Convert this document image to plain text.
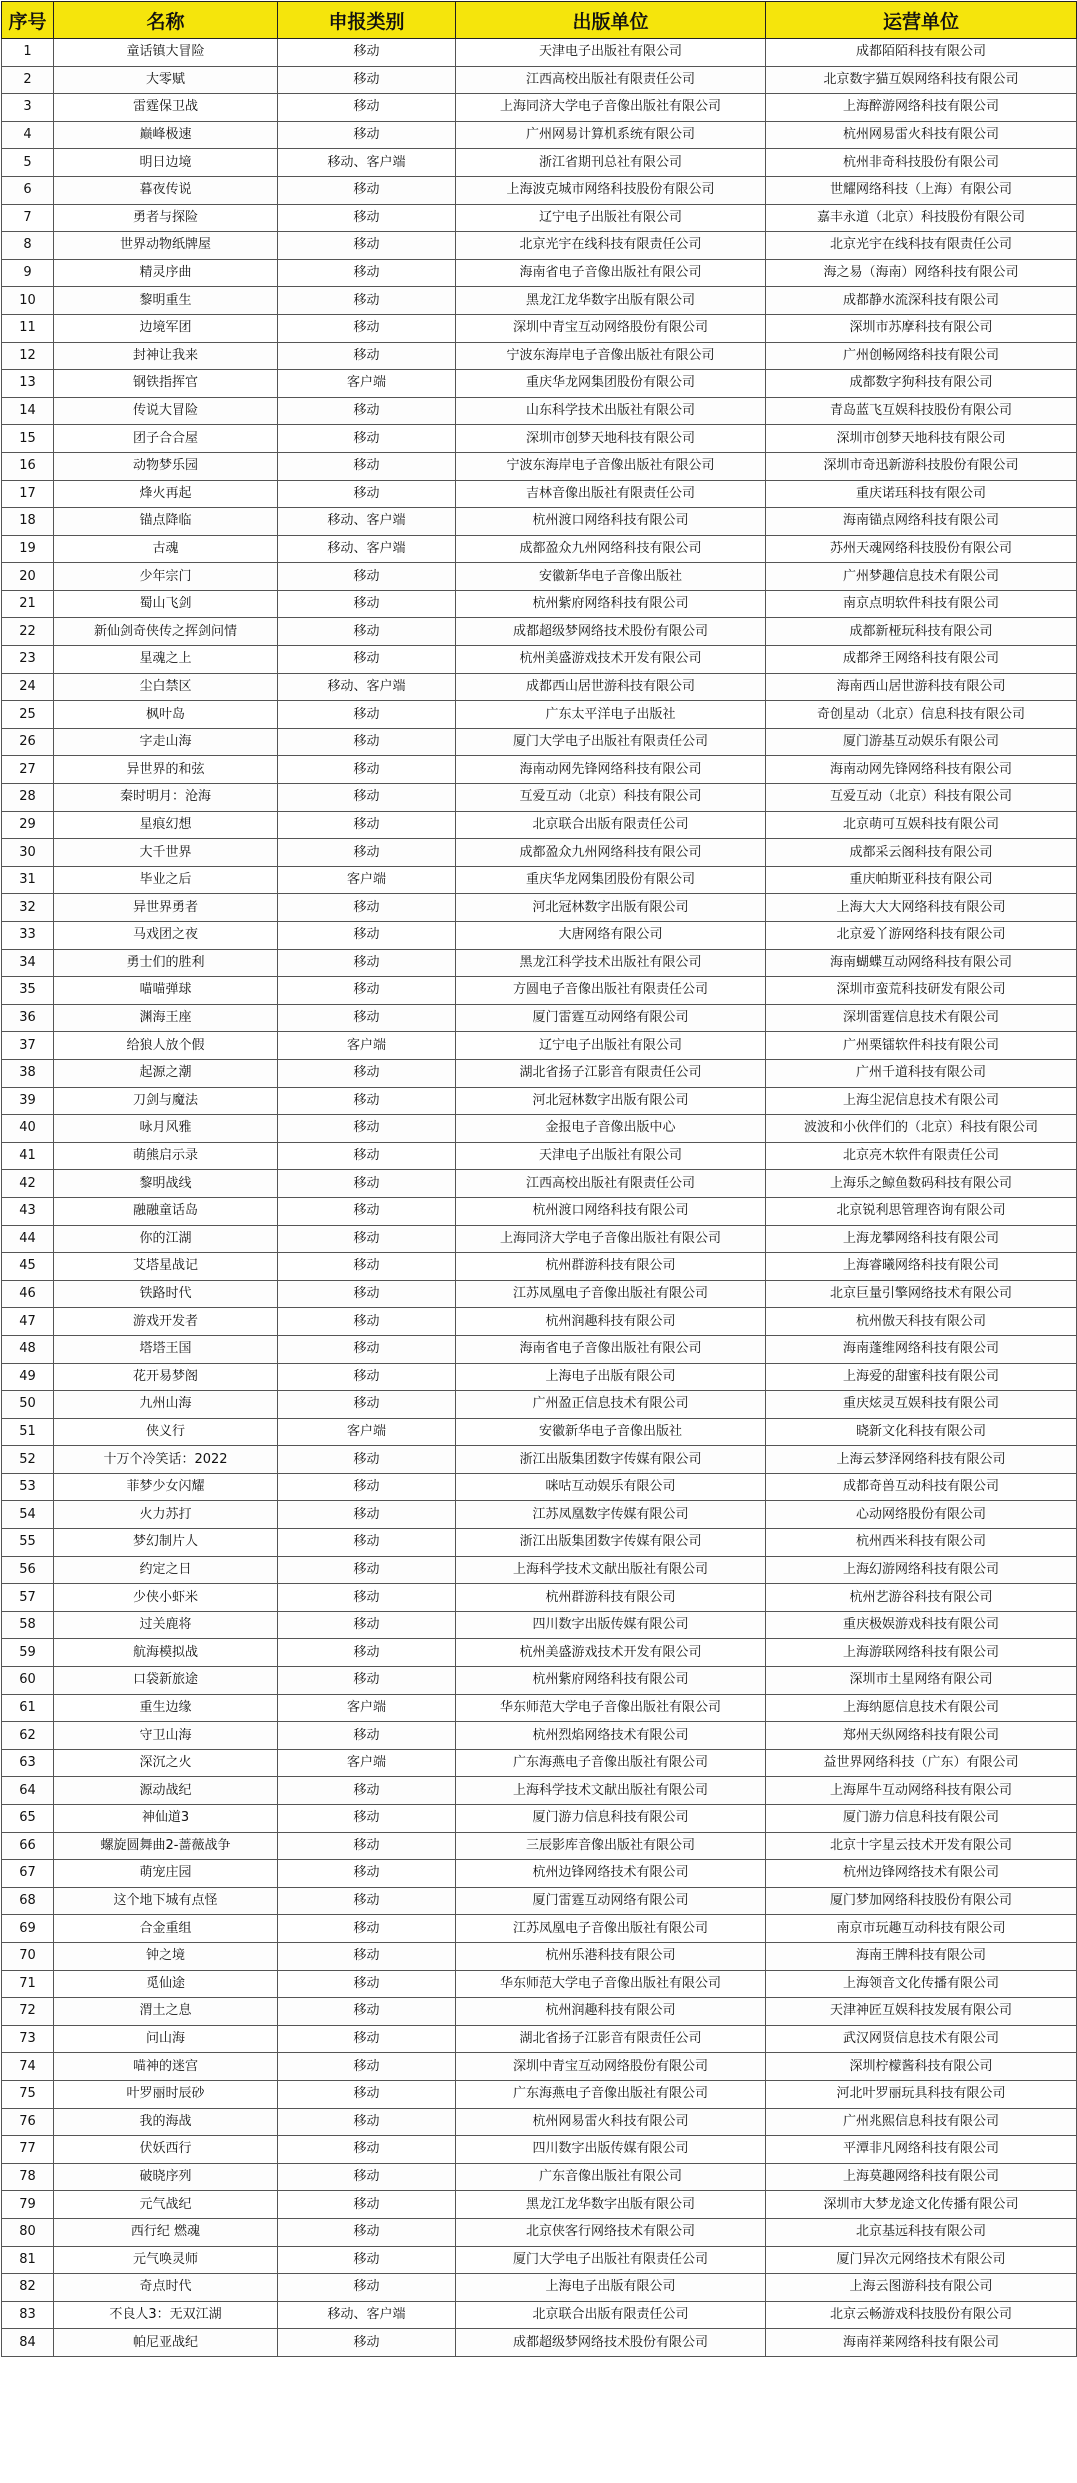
序号	名称	申报类别	出版单位	运营单位
1	童话镇大冒险	移动	天津电子出版社有限公司	成都陌陌科技有限公司
2	大零赋	移动	江西高校出版社有限责任公司	北京数字猫互娱网络科技有限公司
3	雷霆保卫战	移动	上海同济大学电子音像出版社有限公司	上海醉游网络科技有限公司
4	巅峰极速	移动	广州网易计算机系统有限公司	杭州网易雷火科技有限公司
5	明日边境	移动、客户端	浙江省期刊总社有限公司	杭州非奇科技股份有限公司
6	暮夜传说	移动	上海波克城市网络科技股份有限公司	世耀网络科技（上海）有限公司
7	勇者与探险	移动	辽宁电子出版社有限公司	嘉丰永道（北京）科技股份有限公司
8	世界动物纸牌屋	移动	北京光宇在线科技有限责任公司	北京光宇在线科技有限责任公司
9	精灵序曲	移动	海南省电子音像出版社有限公司	海之易（海南）网络科技有限公司
10	黎明重生	移动	黑龙江龙华数字出版有限公司	成都静水流深科技有限公司
11	边境军团	移动	深圳中青宝互动网络股份有限公司	深圳市苏摩科技有限公司
12	封神让我来	移动	宁波东海岸电子音像出版社有限公司	广州创畅网络科技有限公司
13	钢铁指挥官	客户端	重庆华龙网集团股份有限公司	成都数字狗科技有限公司
14	传说大冒险	移动	山东科学技术出版社有限公司	青岛蓝飞互娱科技股份有限公司
15	团子合合屋	移动	深圳市创梦天地科技有限公司	深圳市创梦天地科技有限公司
16	动物梦乐园	移动	宁波东海岸电子音像出版社有限公司	深圳市奇迅新游科技股份有限公司
17	烽火再起	移动	吉林音像出版社有限责任公司	重庆诺珏科技有限公司
18	锚点降临	移动、客户端	杭州渡口网络科技有限公司	海南锚点网络科技有限公司
19	古魂	移动、客户端	成都盈众九州网络科技有限公司	苏州天魂网络科技股份有限公司
20	少年宗门	移动	安徽新华电子音像出版社	广州梦趣信息技术有限公司
21	蜀山飞剑	移动	杭州紫府网络科技有限公司	南京点明软件科技有限公司
22	新仙剑奇侠传之挥剑问情	移动	成都超级梦网络技术股份有限公司	成都新桠玩科技有限公司
23	星魂之上	移动	杭州美盛游戏技术开发有限公司	成都斧王网络科技有限公司
24	尘白禁区	移动、客户端	成都西山居世游科技有限公司	海南西山居世游科技有限公司
25	枫叶岛	移动	广东太平洋电子出版社	奇创星动（北京）信息科技有限公司
26	字走山海	移动	厦门大学电子出版社有限责任公司	厦门游基互动娱乐有限公司
27	异世界的和弦	移动	海南动网先锋网络科技有限公司	海南动网先锋网络科技有限公司
28	秦时明月：沧海	移动	互爱互动（北京）科技有限公司	互爱互动（北京）科技有限公司
29	星痕幻想	移动	北京联合出版有限责任公司	北京萌可互娱科技有限公司
30	大千世界	移动	成都盈众九州网络科技有限公司	成都采云阁科技有限公司
31	毕业之后	客户端	重庆华龙网集团股份有限公司	重庆帕斯亚科技有限公司
32	异世界勇者	移动	河北冠林数字出版有限公司	上海大大大网络科技有限公司
33	马戏团之夜	移动	大唐网络有限公司	北京爱丫游网络科技有限公司
34	勇士们的胜利	移动	黑龙江科学技术出版社有限公司	海南蝴蝶互动网络科技有限公司
35	喵喵弹球	移动	方圆电子音像出版社有限责任公司	深圳市蛮荒科技研发有限公司
36	渊海王座	移动	厦门雷霆互动网络有限公司	深圳雷霆信息技术有限公司
37	给狼人放个假	客户端	辽宁电子出版社有限公司	广州栗镭软件科技有限公司
38	起源之潮	移动	湖北省扬子江影音有限责任公司	广州千道科技有限公司
39	刀剑与魔法	移动	河北冠林数字出版有限公司	上海尘泥信息技术有限公司
40	咏月风雅	移动	金报电子音像出版中心	波波和小伙伴们的（北京）科技有限公司
41	萌熊启示录	移动	天津电子出版社有限公司	北京亮木软件有限责任公司
42	黎明战线	移动	江西高校出版社有限责任公司	上海乐之鲸鱼数码科技有限公司
43	融融童话岛	移动	杭州渡口网络科技有限公司	北京锐利思管理咨询有限公司
44	你的江湖	移动	上海同济大学电子音像出版社有限公司	上海龙攀网络科技有限公司
45	艾塔星战记	移动	杭州群游科技有限公司	上海睿曦网络科技有限公司
46	铁路时代	移动	江苏凤凰电子音像出版社有限公司	北京巨量引擎网络技术有限公司
47	游戏开发者	移动	杭州润趣科技有限公司	杭州傲天科技有限公司
48	塔塔王国	移动	海南省电子音像出版社有限公司	海南蓬维网络科技有限公司
49	花开易梦阁	移动	上海电子出版有限公司	上海爱的甜蜜科技有限公司
50	九州山海	移动	广州盈正信息技术有限公司	重庆炫灵互娱科技有限公司
51	侠义行	客户端	安徽新华电子音像出版社	晓新文化科技有限公司
52	十万个冷笑话：2022	移动	浙江出版集团数字传媒有限公司	上海云梦泽网络科技有限公司
53	菲梦少女闪耀	移动	咪咕互动娱乐有限公司	成都奇兽互动科技有限公司
54	火力苏打	移动	江苏凤凰数字传媒有限公司	心动网络股份有限公司
55	梦幻制片人	移动	浙江出版集团数字传媒有限公司	杭州西米科技有限公司
56	约定之日	移动	上海科学技术文献出版社有限公司	上海幻游网络科技有限公司
57	少侠小虾米	移动	杭州群游科技有限公司	杭州艺游谷科技有限公司
58	过关鹿将	移动	四川数字出版传媒有限公司	重庆极娱游戏科技有限公司
59	航海模拟战	移动	杭州美盛游戏技术开发有限公司	上海游联网络科技有限公司
60	口袋新旅途	移动	杭州紫府网络科技有限公司	深圳市土星网络有限公司
61	重生边缘	客户端	华东师范大学电子音像出版社有限公司	上海纳愿信息技术有限公司
62	守卫山海	移动	杭州烈焰网络技术有限公司	郑州天纵网络科技有限公司
63	深沉之火	客户端	广东海燕电子音像出版社有限公司	益世界网络科技（广东）有限公司
64	源动战纪	移动	上海科学技术文献出版社有限公司	上海犀牛互动网络科技有限公司
65	神仙道3	移动	厦门游力信息科技有限公司	厦门游力信息科技有限公司
66	螺旋圆舞曲2-蔷薇战争	移动	三辰影库音像出版社有限公司	北京十字星云技术开发有限公司
67	萌宠庄园	移动	杭州边锋网络技术有限公司	杭州边锋网络技术有限公司
68	这个地下城有点怪	移动	厦门雷霆互动网络有限公司	厦门梦加网络科技股份有限公司
69	合金重组	移动	江苏凤凰电子音像出版社有限公司	南京市玩趣互动科技有限公司
70	钟之境	移动	杭州乐港科技有限公司	海南王牌科技有限公司
71	觅仙途	移动	华东师范大学电子音像出版社有限公司	上海领音文化传播有限公司
72	渭土之息	移动	杭州润趣科技有限公司	天津神匠互娱科技发展有限公司
73	问山海	移动	湖北省扬子江影音有限责任公司	武汉网贤信息技术有限公司
74	喵神的迷宫	移动	深圳中青宝互动网络股份有限公司	深圳柠檬酱科技有限公司
75	叶罗丽时辰砂	移动	广东海燕电子音像出版社有限公司	河北叶罗丽玩具科技有限公司
76	我的海战	移动	杭州网易雷火科技有限公司	广州兆熙信息科技有限公司
77	伏妖西行	移动	四川数字出版传媒有限公司	平潭非凡网络科技有限公司
78	破晓序列	移动	广东音像出版社有限公司	上海莫趣网络科技有限公司
79	元气战纪	移动	黑龙江龙华数字出版有限公司	深圳市大梦龙途文化传播有限公司
80	西行纪 燃魂	移动	北京侠客行网络技术有限公司	北京基远科技有限公司
81	元气唤灵师	移动	厦门大学电子出版社有限责任公司	厦门异次元网络技术有限公司
82	奇点时代	移动	上海电子出版有限公司	上海云图游科技有限公司
83	不良人3：无双江湖	移动、客户端	北京联合出版有限责任公司	北京云畅游戏科技股份有限公司
84	帕尼亚战纪	移动	成都超级梦网络技术股份有限公司	海南祥莱网络科技有限公司
